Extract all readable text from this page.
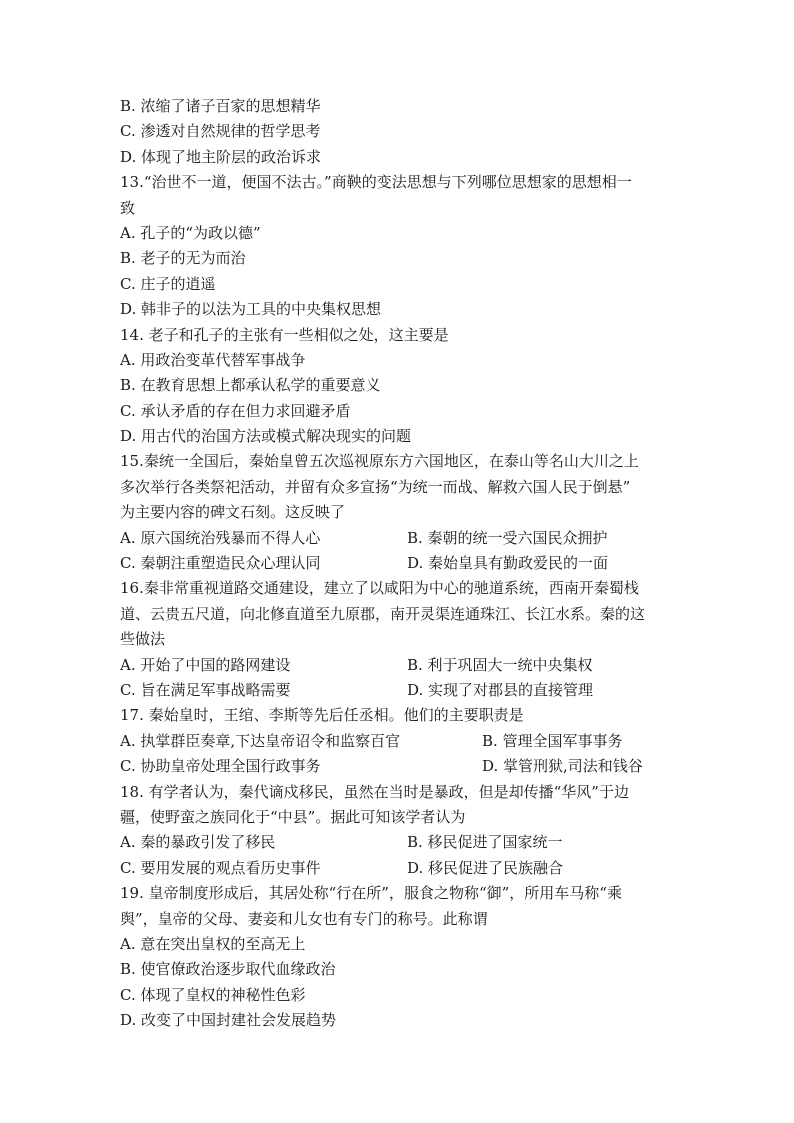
B. 浓缩了诸子百家的思想精华
C. 渗透对自然规律的哲学思考
D. 体现了地主阶层的政治诉求
13.“治世不一道，便国不法古。”商鞅的变法思想与下列哪位思想家的思想相一
致
A. 孔子的“为政以德”
B. 老子的无为而治
C. 庄子的逍遥
D. 韩非子的以法为工具的中央集权思想
14. 老子和孔子的主张有一些相似之处，这主要是
A. 用政治变革代替军事战争
B. 在教育思想上都承认私学的重要意义
C. 承认矛盾的存在但力求回避矛盾
D. 用古代的治国方法或模式解决现实的问题
15.秦统一全国后，秦始皇曾五次巡视原东方六国地区，在泰山等名山大川之上
多次举行各类祭祀活动，并留有众多宣扬“为统一而战、解救六国人民于倒悬”
为主要内容的碑文石刻。这反映了
A. 原六国统治残暴而不得人心	B. 秦朝的统一受六国民众拥护
C. 秦朝注重塑造民众心理认同	D. 秦始皇具有勤政爱民的一面
16.秦非常重视道路交通建设，建立了以咸阳为中心的驰道系统，西南开秦蜀栈
道、云贵五尺道，向北修直道至九原郡，南开灵渠连通珠江、长江水系。秦的这
些做法
A. 开始了中国的路网建设	B. 利于巩固大一统中央集权
C. 旨在满足军事战略需要	D. 实现了对郡县的直接管理
17. 秦始皇时，王绾、李斯等先后任丞相。他们的主要职责是
A. 执掌群臣奏章,下达皇帝诏令和监察百官	B. 管理全国军事事务
C. 协助皇帝处理全国行政事务	D. 掌管刑狱,司法和钱谷
18. 有学者认为，秦代谪戍移民，虽然在当时是暴政，但是却传播“华风”于边
疆，使野蛮之族同化于“中县”。据此可知该学者认为
A. 秦的暴政引发了移民	B. 移民促进了国家统一
C. 要用发展的观点看历史事件	D. 移民促进了民族融合
19. 皇帝制度形成后，其居处称“行在所”，服食之物称“御”，所用车马称“乘
舆”，皇帝的父母、妻妾和儿女也有专门的称号。此称谓
A. 意在突出皇权的至高无上
B. 使官僚政治逐步取代血缘政治
C. 体现了皇权的神秘性色彩
D. 改变了中国封建社会发展趋势
